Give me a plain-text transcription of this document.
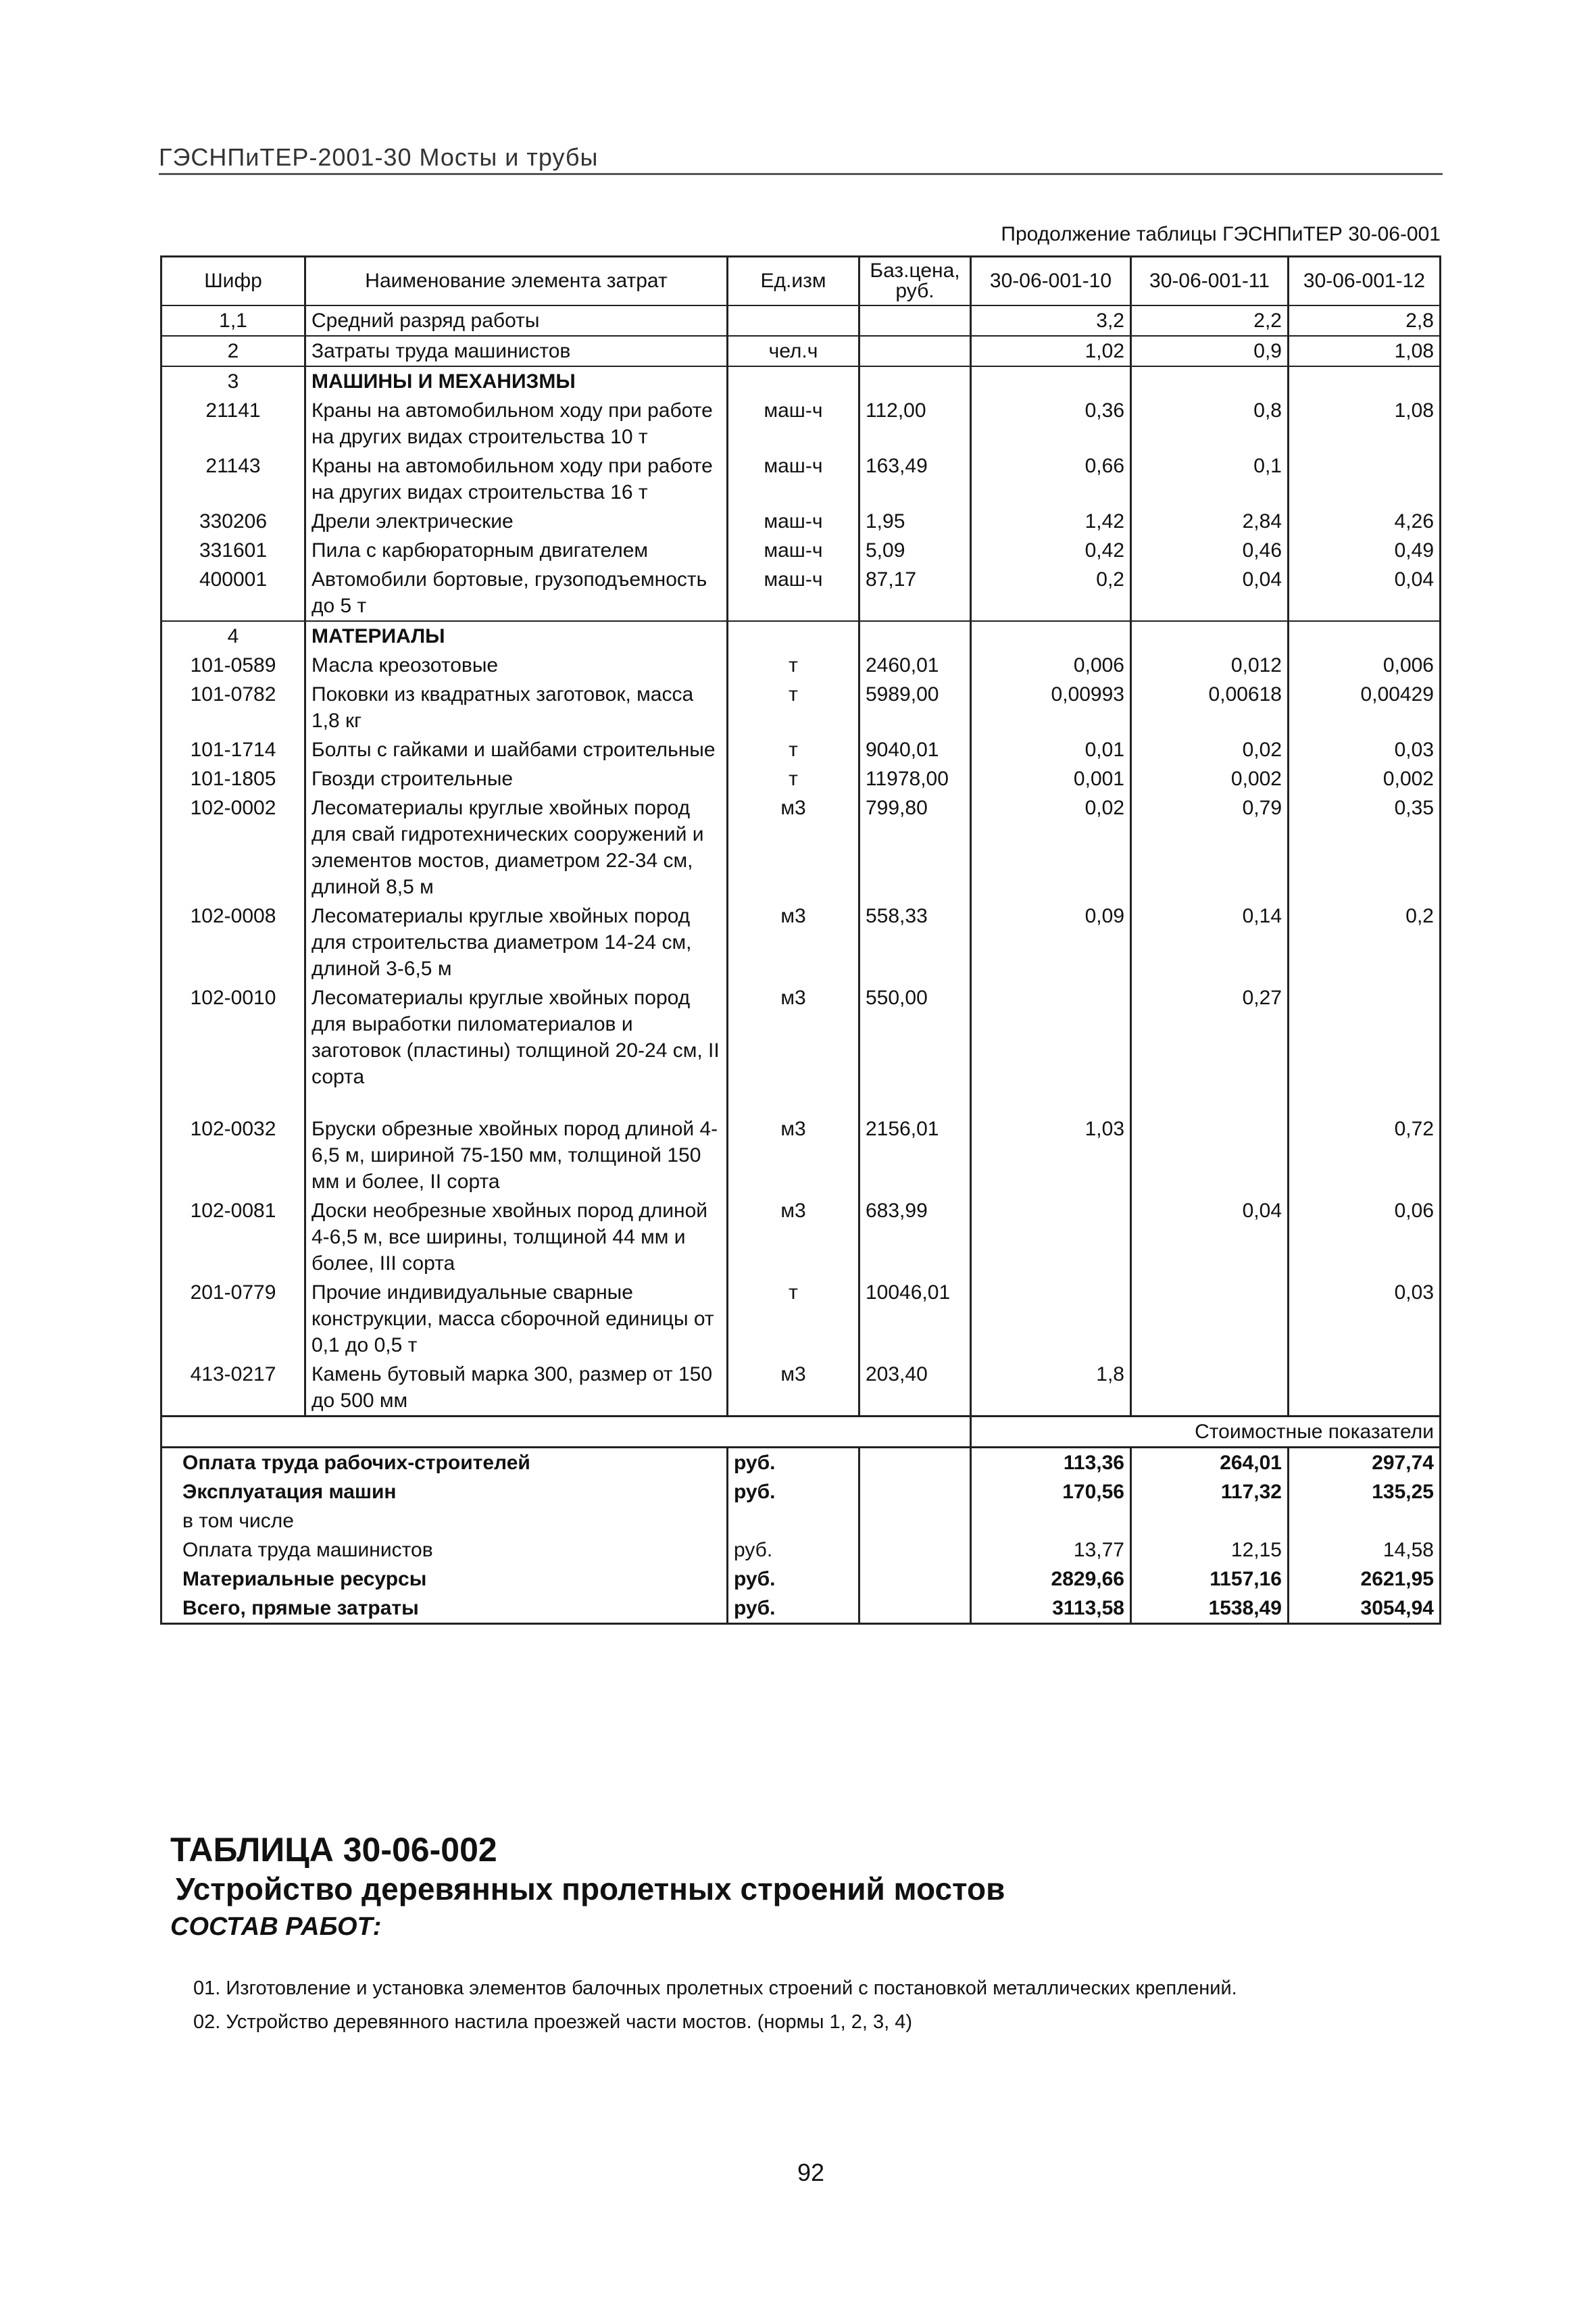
ГЭСНПиТЕР-2001-30 Мосты и трубы
Продолжение таблицы ГЭСНПиТЕР 30-06-001
Шифр	Наименование элемента затрат	Ед.изм	Баз.цена, руб.	30-06-001-10	30-06-001-11	30-06-001-12
1,1	Средний разряд работы			3,2	2,2	2,8
2	Затраты труда машинистов	чел.ч		1,02	0,9	1,08
3	МАШИНЫ И МЕХАНИЗМЫ					
21141	Краны на автомобильном ходу при работе на других видах строительства 10 т	маш-ч	112,00	0,36	0,8	1,08
21143	Краны на автомобильном ходу при работе на других видах строительства 16 т	маш-ч	163,49	0,66	0,1	
330206	Дрели электрические	маш-ч	1,95	1,42	2,84	4,26
331601	Пила с карбюраторным двигателем	маш-ч	5,09	0,42	0,46	0,49
400001	Автомобили бортовые, грузоподъемность до 5 т	маш-ч	87,17	0,2	0,04	0,04
4	МАТЕРИАЛЫ					
101-0589	Масла креозотовые	т	2460,01	0,006	0,012	0,006
101-0782	Поковки из квадратных заготовок, масса 1,8 кг	т	5989,00	0,00993	0,00618	0,00429
101-1714	Болты с гайками и шайбами строительные	т	9040,01	0,01	0,02	0,03
101-1805	Гвозди строительные	т	11978,00	0,001	0,002	0,002
102-0002	Лесоматериалы круглые хвойных пород для свай гидротехнических сооружений и элементов мостов, диаметром 22-34 см, длиной 8,5 м	м3	799,80	0,02	0,79	0,35
102-0008	Лесоматериалы круглые хвойных пород для строительства диаметром 14-24 см, длиной 3-6,5 м	м3	558,33	0,09	0,14	0,2
102-0010	Лесоматериалы круглые хвойных пород для выработки пиломатериалов и заготовок (пластины) толщиной 20-24 см, II сорта	м3	550,00		0,27	

102-0032	Бруски обрезные хвойных пород длиной 4-6,5 м, шириной 75-150 мм, толщиной 150 мм и более, II сорта	м3	2156,01	1,03		0,72
102-0081	Доски необрезные хвойных пород длиной 4-6,5 м, все ширины, толщиной 44 мм и более, III сорта	м3	683,99		0,04	0,06
201-0779	Прочие индивидуальные сварные конструкции, масса сборочной единицы от 0,1 до 0,5 т	т	10046,01			0,03
413-0217	Камень бутовый марка 300, размер от 150 до 500 мм	м3	203,40	1,8		
				Стоимостные показатели		
Оплата труда рабочих-строителей		руб.		113,36	264,01	297,74
Эксплуатация машин		руб.		170,56	117,32	135,25
в том числе						
Оплата труда машинистов		руб.		13,77	12,15	14,58
Материальные ресурсы		руб.		2829,66	1157,16	2621,95
Всего, прямые затраты		руб.		3113,58	1538,49	3054,94
ТАБЛИЦА 30-06-002
Устройство деревянных пролетных строений мостов
СОСТАВ РАБОТ:
01. Изготовление и установка элементов балочных пролетных строений с постановкой металлических креплений.
02. Устройство деревянного настила проезжей части мостов. (нормы 1, 2, 3, 4)
92
